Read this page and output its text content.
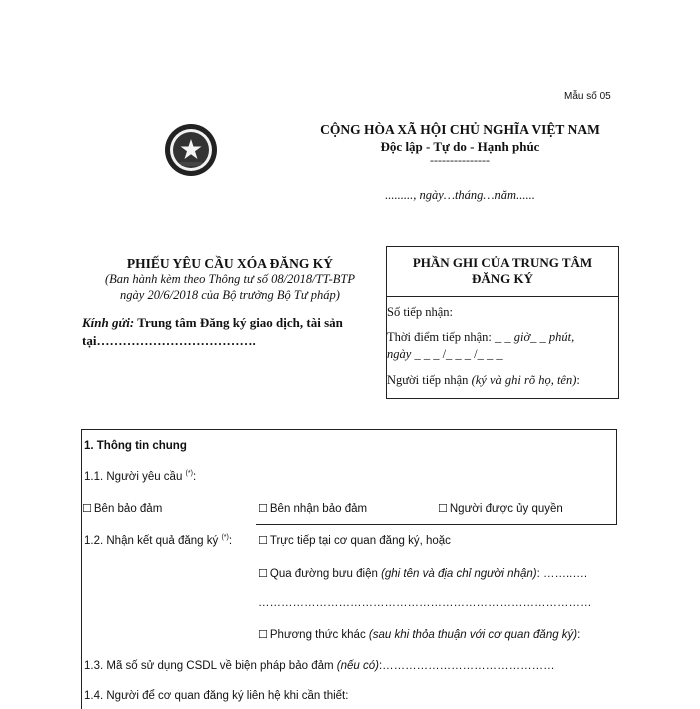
Mẫu số 05
CỘNG HÒA XÃ HỘI CHỦ NGHĨA VIỆT NAM
Độc lập - Tự do - Hạnh phúc
---------------
........., ngày…tháng…năm......
PHIẾU YÊU CẦU XÓA ĐĂNG KÝ
(Ban hành kèm theo Thông tư số 08/2018/TT-BTP
ngày 20/6/2018 của Bộ trưởng Bộ Tư pháp)
Kính gửi: Trung tâm Đăng ký giao dịch, tài sản
tại……………………………….
PHẦN GHI CỦA TRUNG TÂM
ĐĂNG KÝ
Số tiếp nhận:
Thời điểm tiếp nhận: _ _ giờ_ _ phút,
ngày _ _ _ /_ _ _ /_ _ _
Người tiếp nhận (ký và ghi rõ họ, tên):
1. Thông tin chung
1.1. Người yêu cầu (*):
☐ Bên bảo đảm	☐ Bên nhận bảo đảm	☐ Người được ủy quyền
1.2. Nhận kết quả đăng ký (*): ☐ Trực tiếp tại cơ quan đăng ký, hoặc
☐ Qua đường bưu điện (ghi tên và địa chỉ người nhận): ……..….
……………………………………………………………………………
☐ Phương thức khác (sau khi thỏa thuận với cơ quan đăng ký):
1.3. Mã số sử dụng CSDL về biện pháp bảo đảm (nếu có):………………………………………
1.4. Người để cơ quan đăng ký liên hệ khi cần thiết:
